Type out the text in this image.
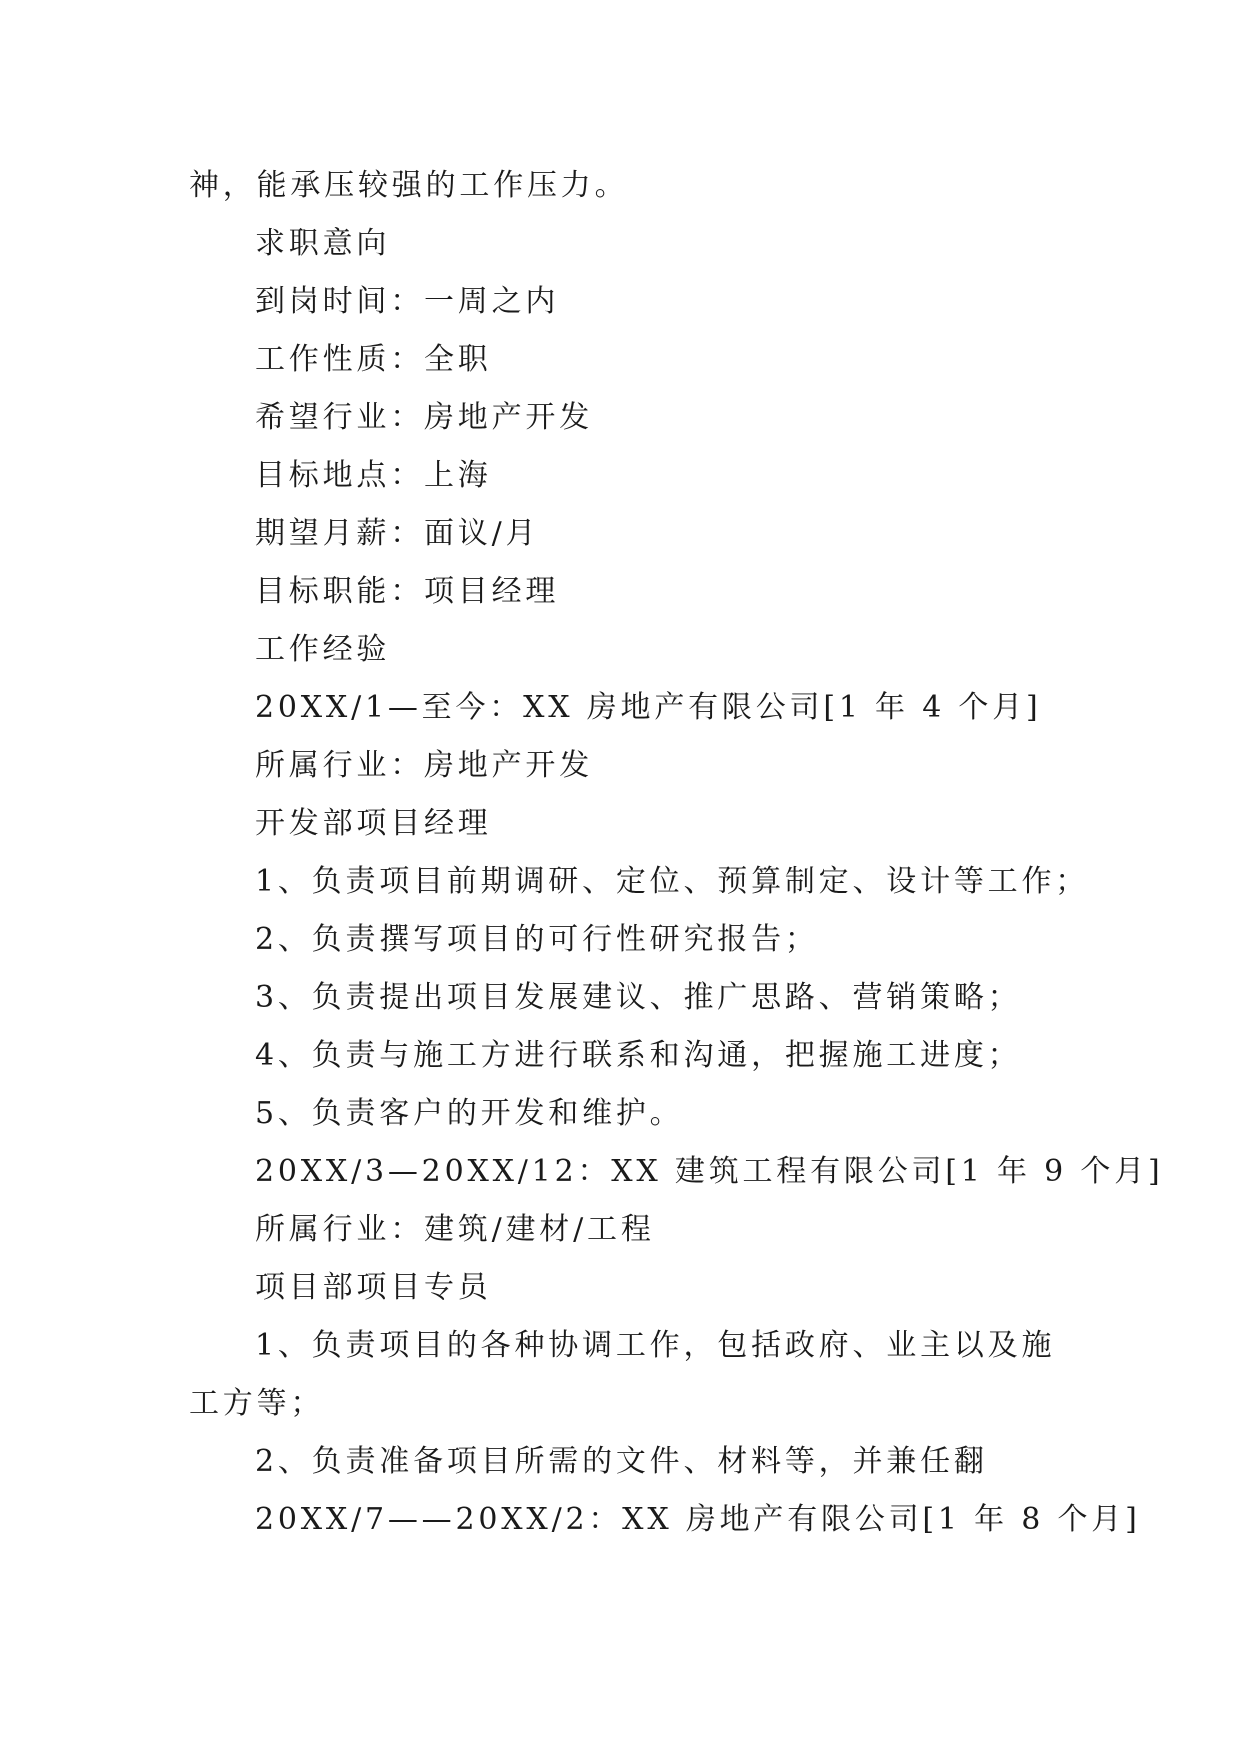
神，能承压较强的工作压力。
求职意向
到岗时间：一周之内
工作性质：全职
希望行业：房地产开发
目标地点：上海
期望月薪：面议/月
目标职能：项目经理
工作经验
20XX/1—至今：XX 房地产有限公司[1 年 4 个月]
所属行业：房地产开发
开发部项目经理
1、负责项目前期调研、定位、预算制定、设计等工作；
2、负责撰写项目的可行性研究报告；
3、负责提出项目发展建议、推广思路、营销策略；
4、负责与施工方进行联系和沟通，把握施工进度；
5、负责客户的开发和维护。
20XX/3—20XX/12：XX 建筑工程有限公司[1 年 9 个月]
所属行业：建筑/建材/工程
项目部项目专员
1、负责项目的各种协调工作，包括政府、业主以及施
工方等；
2、负责准备项目所需的文件、材料等，并兼任翻
20XX/7——20XX/2：XX 房地产有限公司[1 年 8 个月]
